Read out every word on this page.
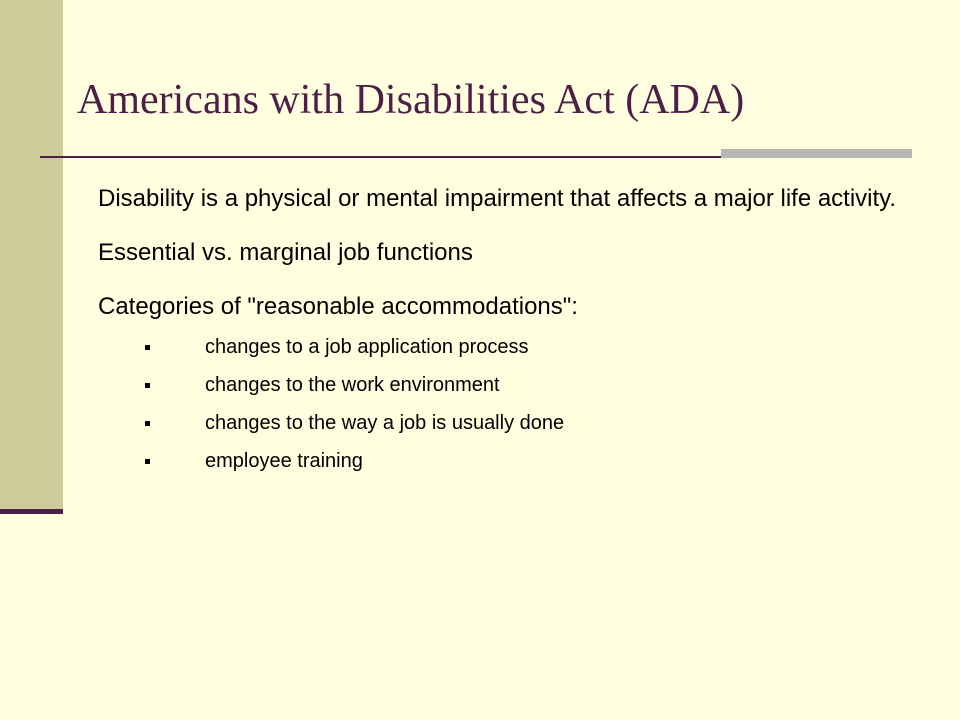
Americans with Disabilities Act (ADA)

Disability is a physical or mental impairment that affects a major life activity.

Essential vs. marginal job functions

Categories of "reasonable accommodations":

changes to a job application process
changes to the work environment
changes to the way a job is usually done
employee training
